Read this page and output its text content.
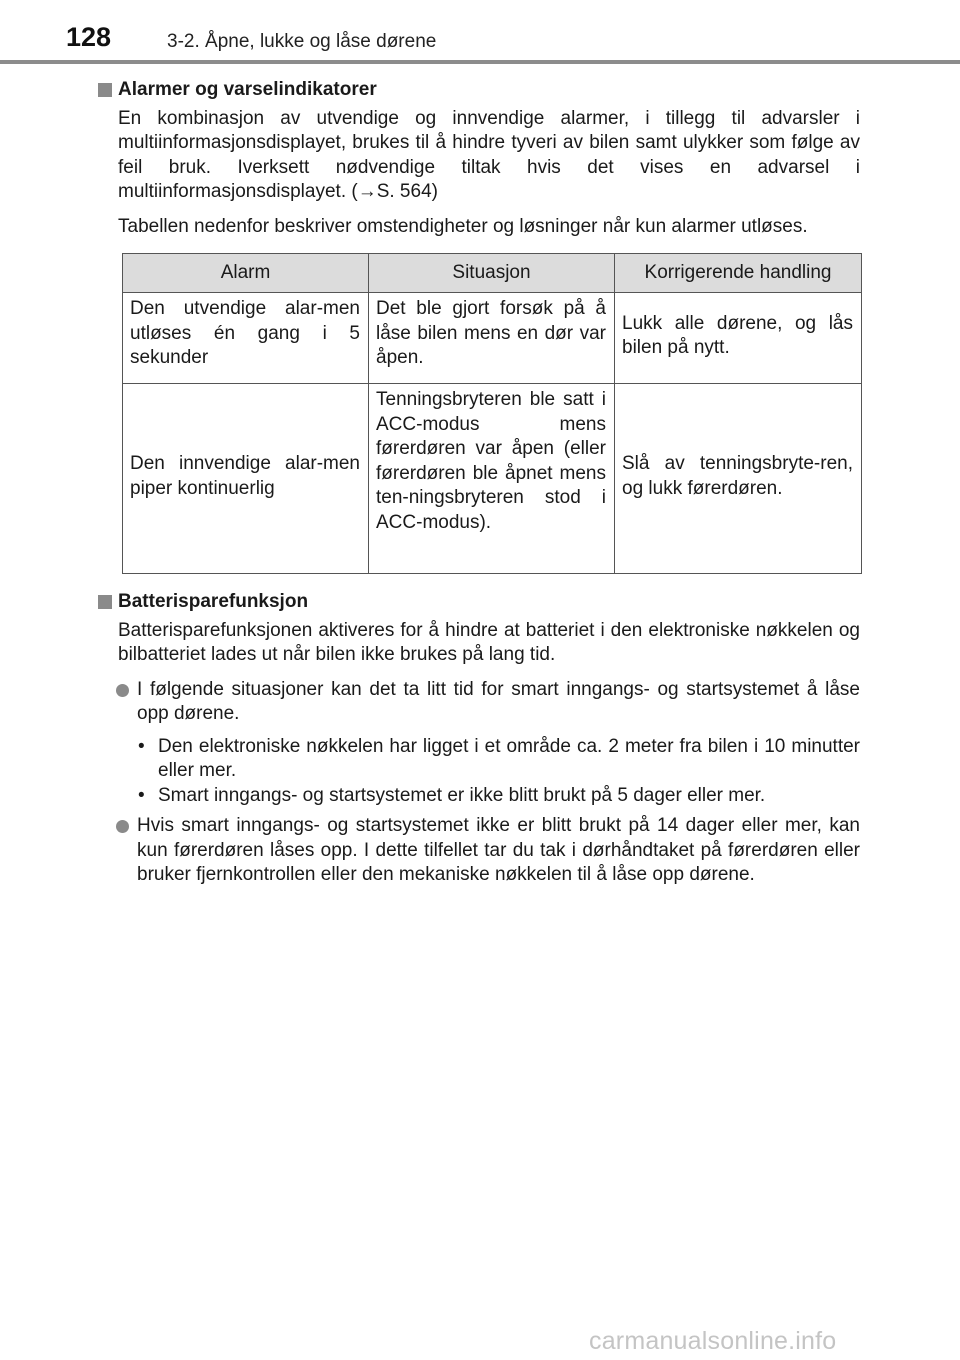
128	3-2. Åpne, lukke og låse dørene
Alarmer og varselindikatorer

En kombinasjon av utvendige og innvendige alarmer, i tillegg til advarsler i multiinformasjonsdisplayet, brukes til å hindre tyveri av bilen samt ulykker som følge av feil bruk. Iverksett nødvendige tiltak hvis det vises en advarsel i multiinformasjonsdisplayet. (→S. 564)

Tabellen nedenfor beskriver omstendigheter og løsninger når kun alarmer utløses.

Alarm	Situasjon	Korrigerende handling
Den utvendige alar-men utløses én gang i 5 sekunder	Det ble gjort forsøk på å låse bilen mens en dør var åpen.	Lukk alle dørene, og lås bilen på nytt.
Den innvendige alar-men piper kontinuerlig	Tenningsbryteren ble satt i ACC-modus mens førerdøren var åpen (eller førerdøren ble åpnet mens ten-ningsbryteren stod i ACC-modus).	Slå av tenningsbryte-ren, og lukk førerdøren.
Batterisparefunksjon

Batterisparefunksjonen aktiveres for å hindre at batteriet i den elektroniske nøkkelen og bilbatteriet lades ut når bilen ikke brukes på lang tid.

I følgende situasjoner kan det ta litt tid for smart inngangs- og startsystemet å låse opp dørene.
• Den elektroniske nøkkelen har ligget i et område ca. 2 meter fra bilen i 10 minutter eller mer.
• Smart inngangs- og startsystemet er ikke blitt brukt på 5 dager eller mer.
Hvis smart inngangs- og startsystemet ikke er blitt brukt på 14 dager eller mer, kan kun førerdøren låses opp. I dette tilfellet tar du tak i dørhåndtaket på førerdøren eller bruker fjernkontrollen eller den mekaniske nøkkelen til å låse opp dørene.
carmanualsonline.info
